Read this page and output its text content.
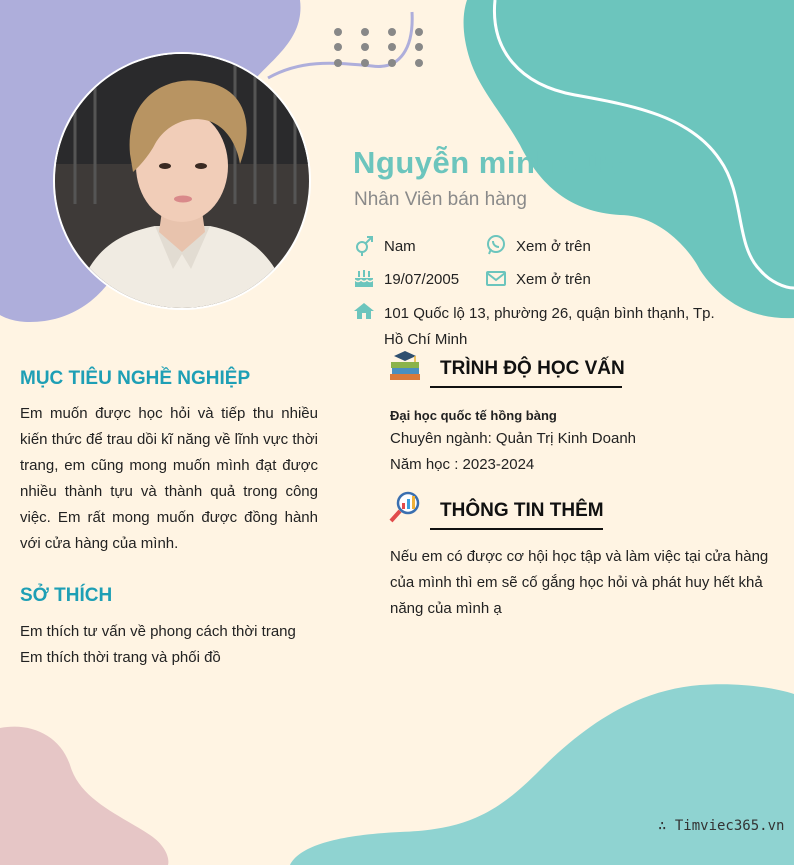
Nguyễn minh đức
Nhân Viên bán hàng
Nam	Xem ở trên
19/07/2005	Xem ở trên
101 Quốc lộ 13, phường 26, quận bình thạnh, Tp. Hồ Chí Minh
MỤC TIÊU NGHỀ NGHIỆP
Em muốn được học hỏi và tiếp thu nhiều kiến thức để trau dồi kĩ năng về lĩnh vực thời trang, em cũng mong muốn mình đạt được nhiều thành tựu và thành quả trong công việc. Em rất mong muốn được đồng hành với cửa hàng của mình.
SỞ THÍCH
Em thích tư vấn về phong cách thời trang
Em thích thời trang và phối đồ
TRÌNH ĐỘ HỌC VẤN
Đại học quốc tế hồng bàng
Chuyên ngành: Quản Trị Kinh Doanh
Năm học : 2023-2024
THÔNG TIN THÊM
Nếu em có được cơ hội học tập và làm việc tại cửa hàng của mình thì em sẽ cố gắng học hỏi và phát huy hết khả năng của mình ạ
∴ Timviec365.vn
